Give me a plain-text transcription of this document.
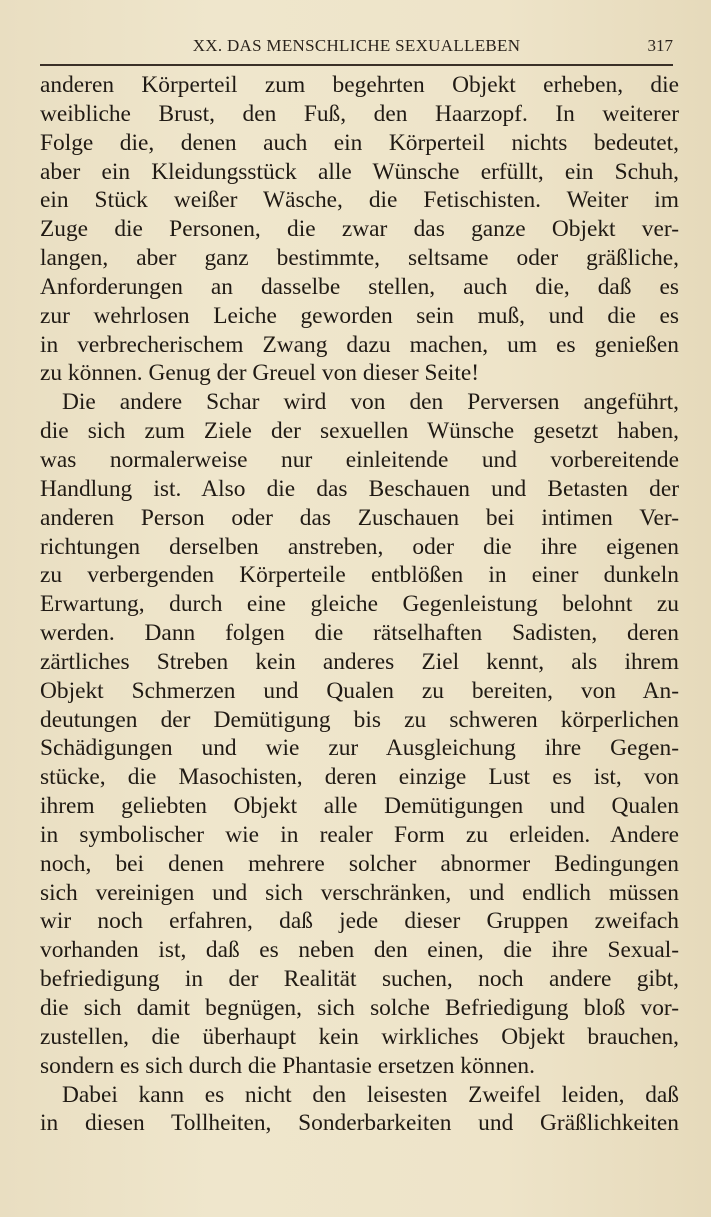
XX. DAS MENSCHLICHE SEXUALLEBEN	317
anderen Körperteil zum begehrten Objekt erheben, die
weibliche Brust, den Fuß, den Haarzopf. In weiterer
Folge die, denen auch ein Körperteil nichts bedeutet,
aber ein Kleidungsstück alle Wünsche erfüllt, ein Schuh,
ein Stück weißer Wäsche, die Fetischisten. Weiter im
Zuge die Personen, die zwar das ganze Objekt ver-
langen, aber ganz bestimmte, seltsame oder gräßliche,
Anforderungen an dasselbe stellen, auch die, daß es
zur wehrlosen Leiche geworden sein muß, und die es
in verbrecherischem Zwang dazu machen, um es genießen
zu können. Genug der Greuel von dieser Seite!
Die andere Schar wird von den Perversen angeführt,
die sich zum Ziele der sexuellen Wünsche gesetzt haben,
was normalerweise nur einleitende und vorbereitende
Handlung ist. Also die das Beschauen und Betasten der
anderen Person oder das Zuschauen bei intimen Ver-
richtungen derselben anstreben, oder die ihre eigenen
zu verbergenden Körperteile entblößen in einer dunkeln
Erwartung, durch eine gleiche Gegenleistung belohnt zu
werden. Dann folgen die rätselhaften Sadisten, deren
zärtliches Streben kein anderes Ziel kennt, als ihrem
Objekt Schmerzen und Qualen zu bereiten, von An-
deutungen der Demütigung bis zu schweren körperlichen
Schädigungen und wie zur Ausgleichung ihre Gegen-
stücke, die Masochisten, deren einzige Lust es ist, von
ihrem geliebten Objekt alle Demütigungen und Qualen
in symbolischer wie in realer Form zu erleiden. Andere
noch, bei denen mehrere solcher abnormer Bedingungen
sich vereinigen und sich verschränken, und endlich müssen
wir noch erfahren, daß jede dieser Gruppen zweifach
vorhanden ist, daß es neben den einen, die ihre Sexual-
befriedigung in der Realität suchen, noch andere gibt,
die sich damit begnügen, sich solche Befriedigung bloß vor-
zustellen, die überhaupt kein wirkliches Objekt brauchen,
sondern es sich durch die Phantasie ersetzen können.
Dabei kann es nicht den leisesten Zweifel leiden, daß
in diesen Tollheiten, Sonderbarkeiten und Gräßlichkeiten
